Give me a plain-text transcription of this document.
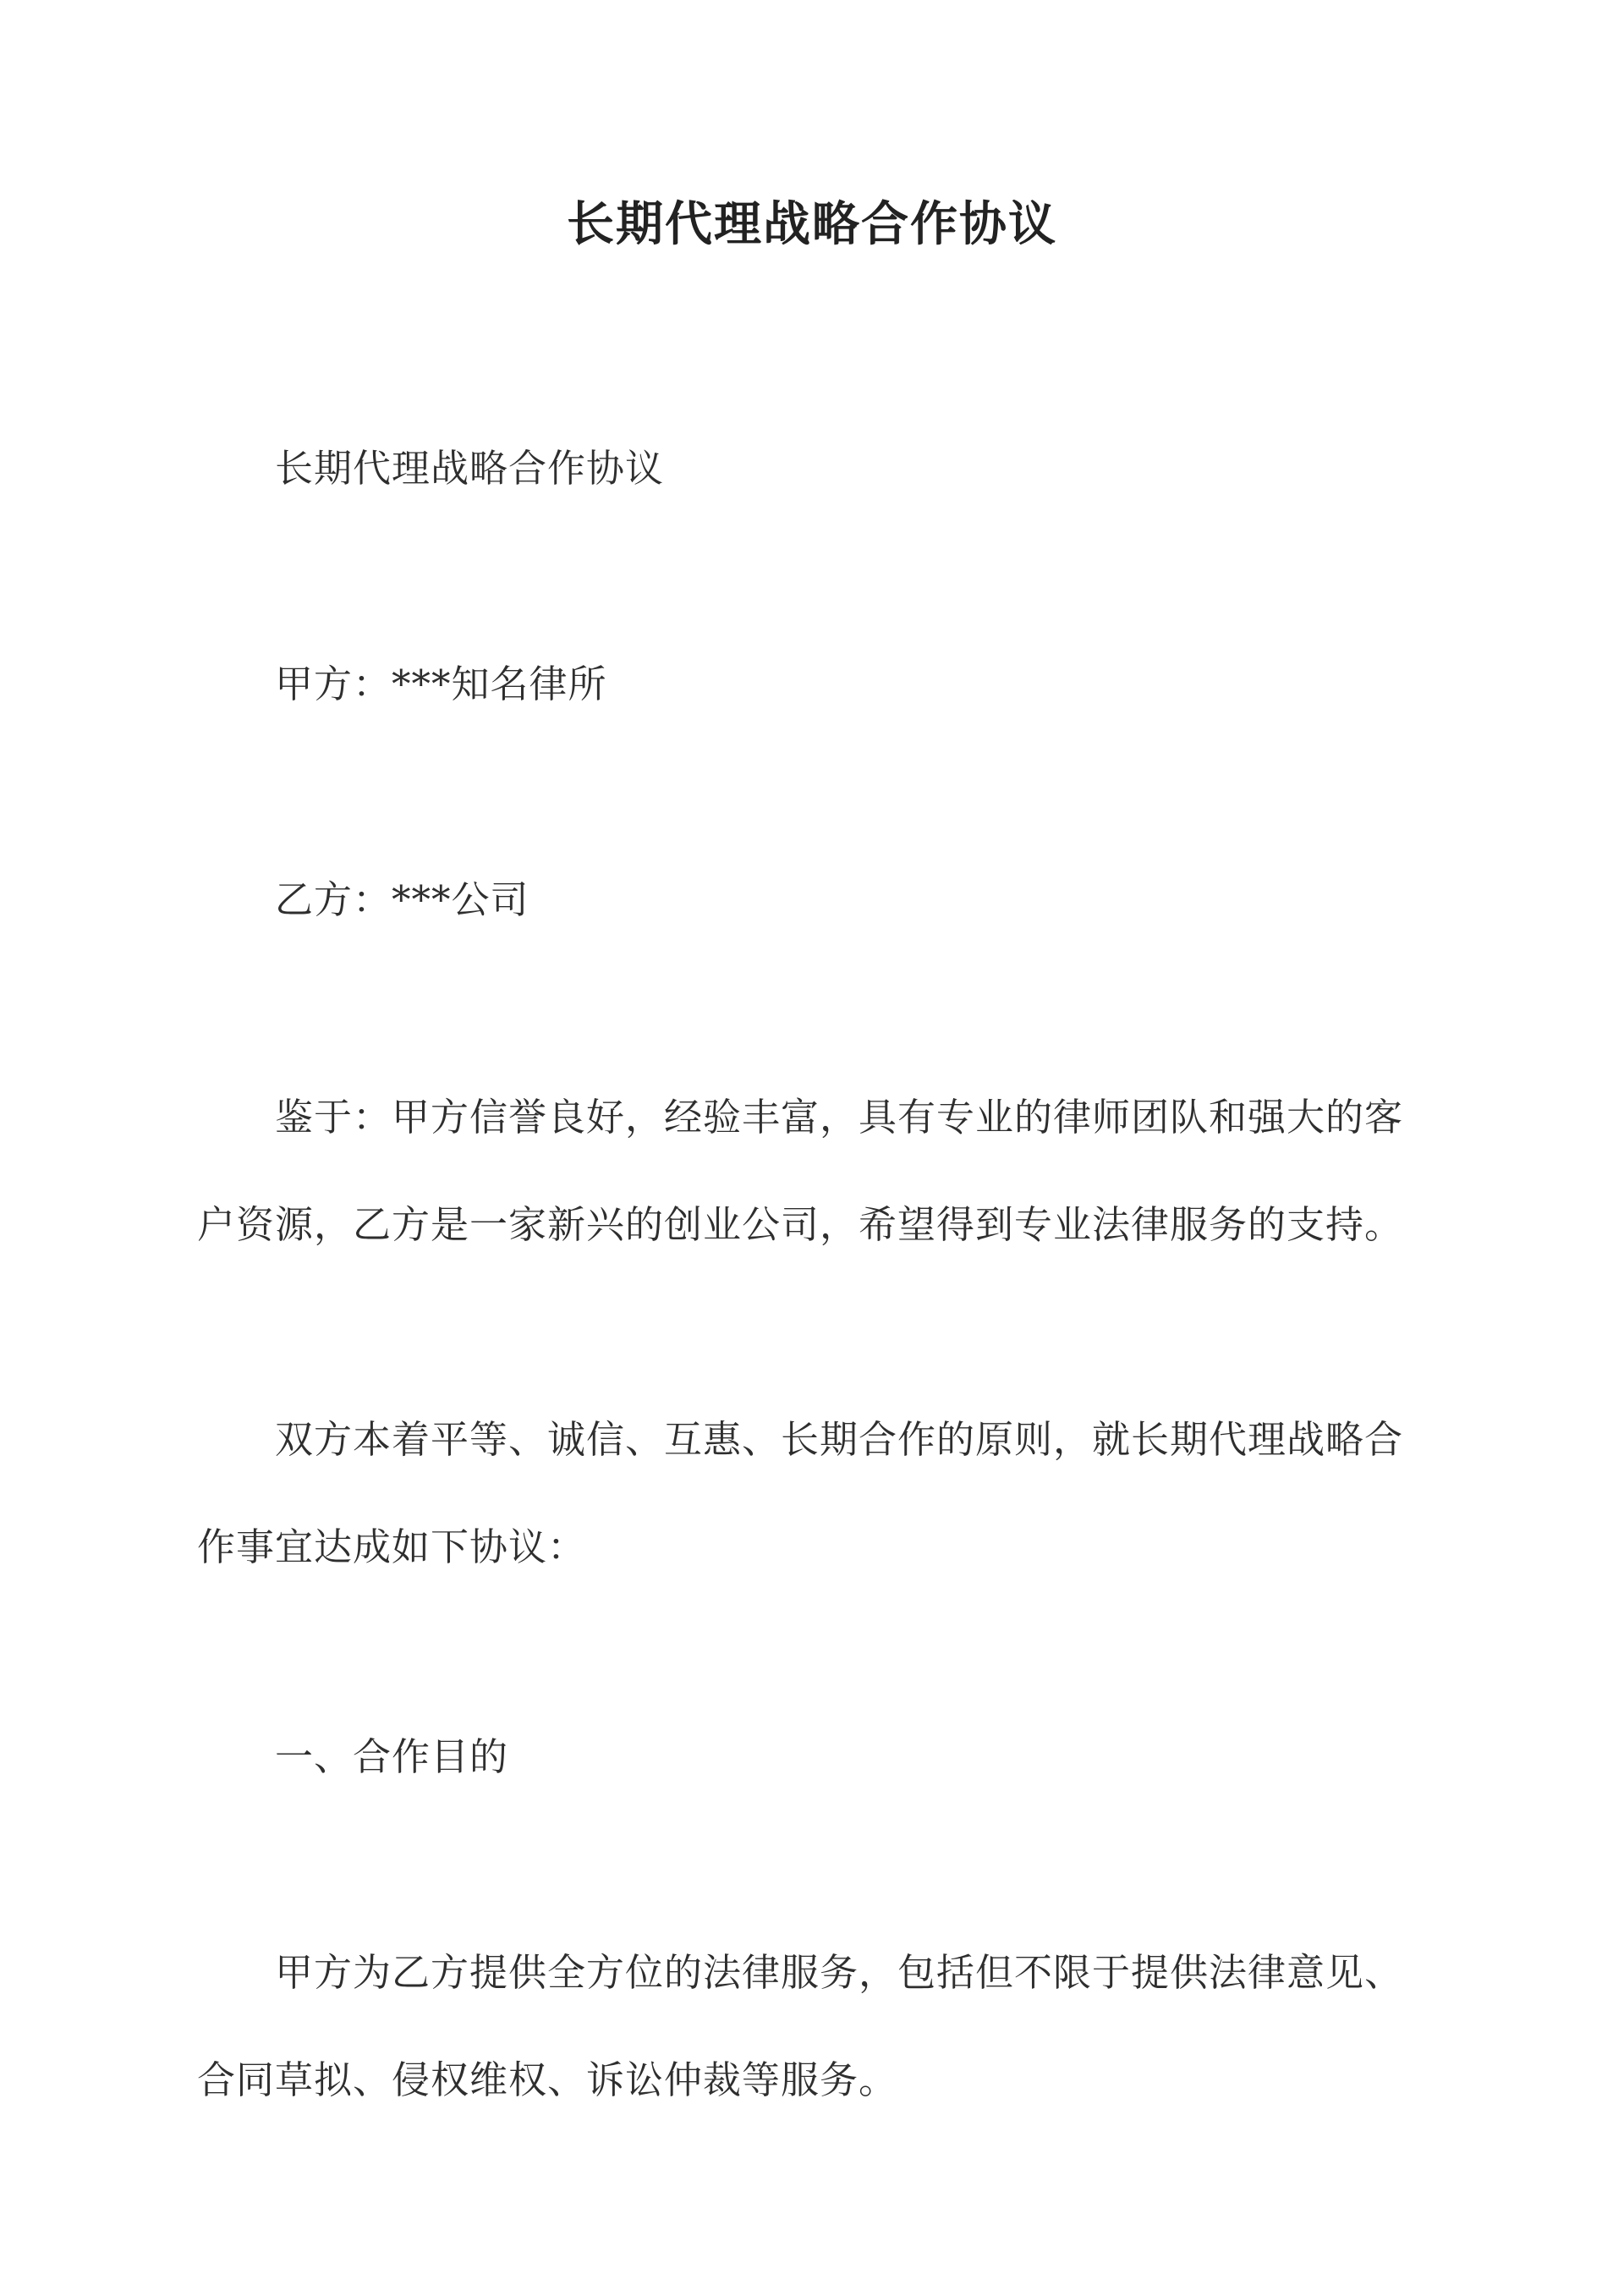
长期代理战略合作协议

长期代理战略合作协议

甲方：***知名律所

乙方：***公司

鉴于：甲方信誉良好，经验丰富，具有专业的律师团队和强大的客户资源，乙方是一家新兴的创业公司，希望得到专业法律服务的支持。

双方本着平等、诚信、互惠、长期合作的原则，就长期代理战略合作事宜达成如下协议：

一、合作目的

甲方为乙方提供全方位的法律服务，包括但不限于提供法律意见、合同草拟、侵权维权、诉讼仲裁等服务。
